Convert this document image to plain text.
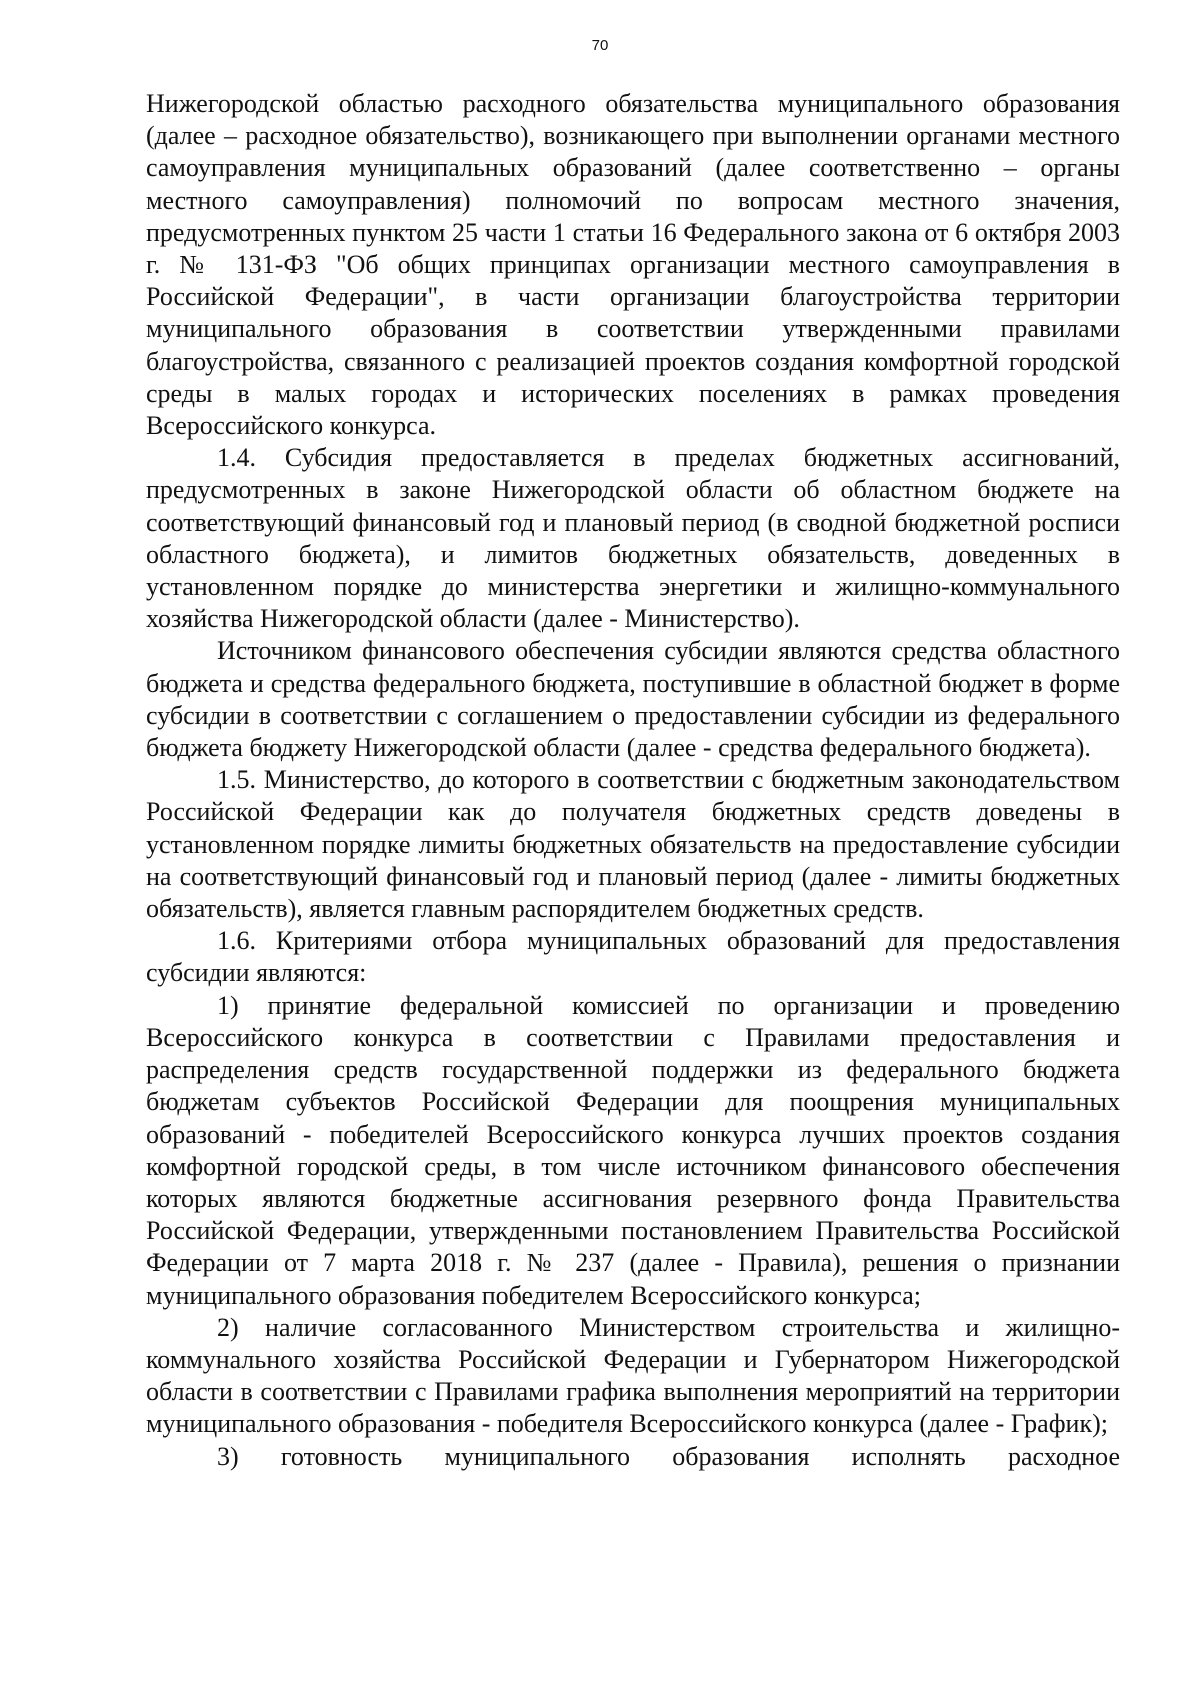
70

Нижегородской областью расходного обязательства муниципального образования (далее – расходное обязательство), возникающего при выполнении органами местного самоуправления муниципальных образований (далее соответственно – органы местного самоуправления) полномочий по вопросам местного значения, предусмотренных пунктом 25 части 1 статьи 16 Федерального закона от 6 октября 2003 г. № 131-ФЗ "Об общих принципах организации местного самоуправления в Российской Федерации", в части организации благоустройства территории муниципального образования в соответствии утвержденными правилами благоустройства, связанного с реализацией проектов создания комфортной городской среды в малых городах и исторических поселениях в рамках проведения Всероссийского конкурса.

1.4. Субсидия предоставляется в пределах бюджетных ассигнований, предусмотренных в законе Нижегородской области об областном бюджете на соответствующий финансовый год и плановый период (в сводной бюджетной росписи областного бюджета), и лимитов бюджетных обязательств, доведенных в установленном порядке до министерства энергетики и жилищно-коммунального хозяйства Нижегородской области (далее - Министерство).

Источником финансового обеспечения субсидии являются средства областного бюджета и средства федерального бюджета, поступившие в областной бюджет в форме субсидии в соответствии с соглашением о предоставлении субсидии из федерального бюджета бюджету Нижегородской области (далее - средства федерального бюджета).

1.5. Министерство, до которого в соответствии с бюджетным законодательством Российской Федерации как до получателя бюджетных средств доведены в установленном порядке лимиты бюджетных обязательств на предоставление субсидии на соответствующий финансовый год и плановый период (далее - лимиты бюджетных обязательств), является главным распорядителем бюджетных средств.

1.6. Критериями отбора муниципальных образований для предоставления субсидии являются:

1) принятие федеральной комиссией по организации и проведению Всероссийского конкурса в соответствии с Правилами предоставления и распределения средств государственной поддержки из федерального бюджета бюджетам субъектов Российской Федерации для поощрения муниципальных образований - победителей Всероссийского конкурса лучших проектов создания комфортной городской среды, в том числе источником финансового обеспечения которых являются бюджетные ассигнования резервного фонда Правительства Российской Федерации, утвержденными постановлением Правительства Российской Федерации от 7 марта 2018 г. № 237 (далее - Правила), решения о признании муниципального образования победителем Всероссийского конкурса;

2) наличие согласованного Министерством строительства и жилищно-коммунального хозяйства Российской Федерации и Губернатором Нижегородской области в соответствии с Правилами графика выполнения мероприятий на территории муниципального образования - победителя Всероссийского конкурса (далее - График);

3) готовность муниципального образования исполнять расходное
